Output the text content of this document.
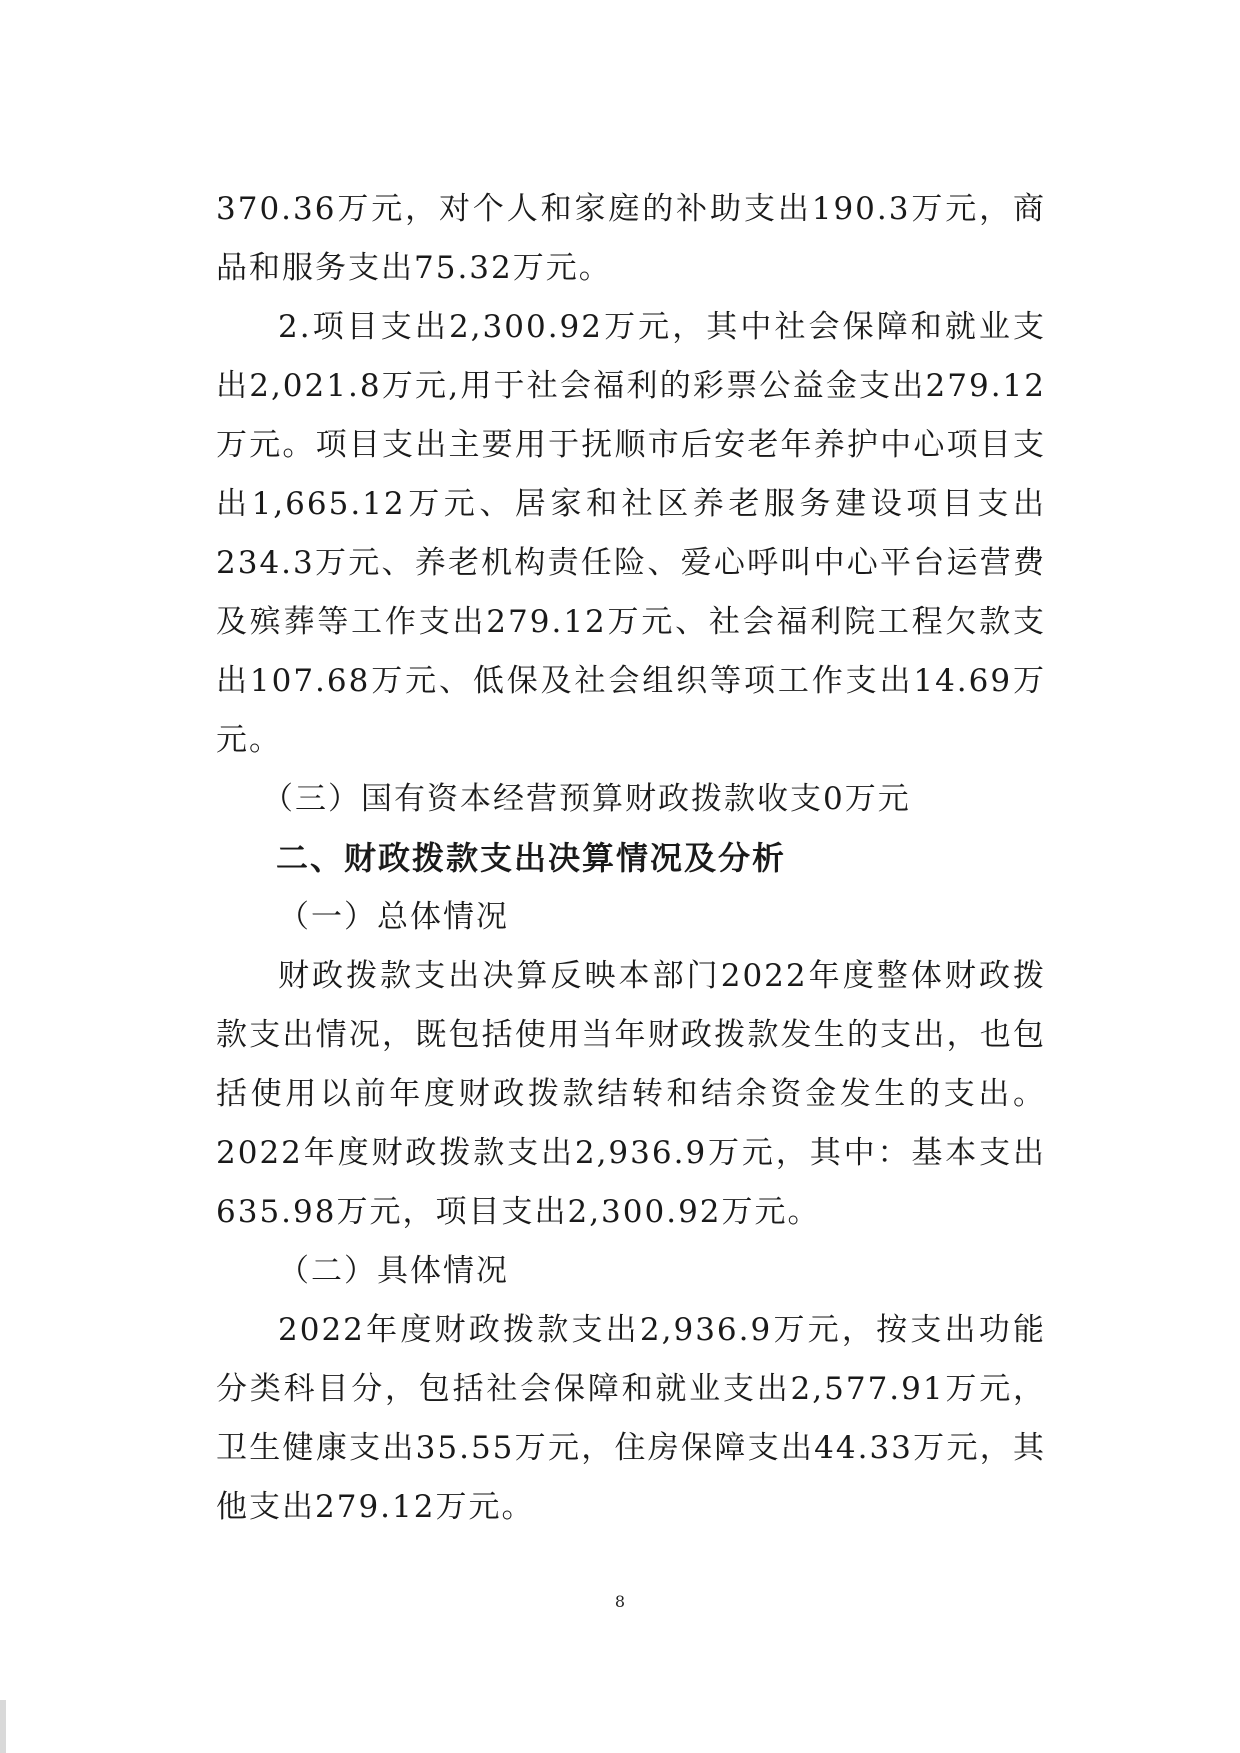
370.36万元，对个人和家庭的补助支出190.3万元，商品和服务支出75.32万元。

2.项目支出2,300.92万元，其中社会保障和就业支出2,021.8万元,用于社会福利的彩票公益金支出279.12万元。项目支出主要用于抚顺市后安老年养护中心项目支出1,665.12万元、居家和社区养老服务建设项目支出234.3万元、养老机构责任险、爱心呼叫中心平台运营费及殡葬等工作支出279.12万元、社会福利院工程欠款支出107.68万元、低保及社会组织等项工作支出14.69万元。

（三）国有资本经营预算财政拨款收支0万元

二、财政拨款支出决算情况及分析

（一）总体情况

财政拨款支出决算反映本部门2022年度整体财政拨款支出情况，既包括使用当年财政拨款发生的支出，也包括使用以前年度财政拨款结转和结余资金发生的支出。2022年度财政拨款支出2,936.9万元，其中：基本支出635.98万元，项目支出2,300.92万元。

（二）具体情况

2022年度财政拨款支出2,936.9万元，按支出功能分类科目分，包括社会保障和就业支出2,577.91万元，卫生健康支出35.55万元，住房保障支出44.33万元，其他支出279.12万元。

8
